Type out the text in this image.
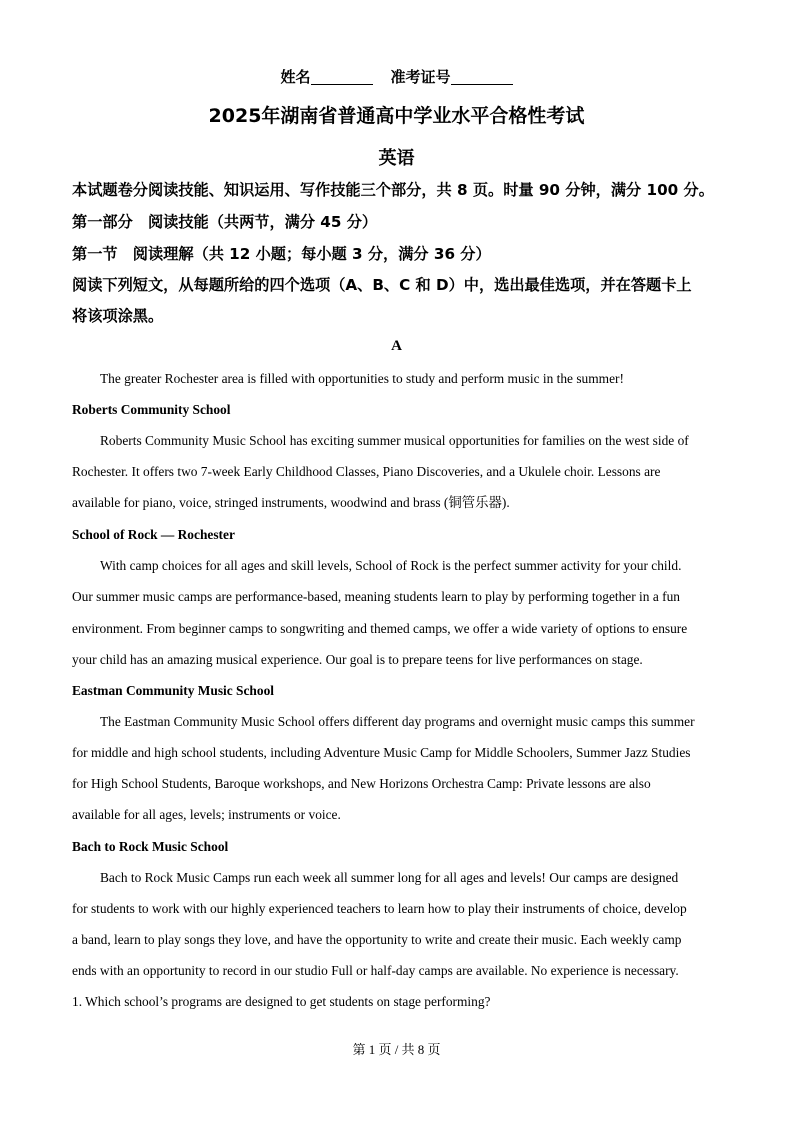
姓名	准考证号
2025年湖南省普通高中学业水平合格性考试
英语
本试题卷分阅读技能、知识运用、写作技能三个部分，共 8 页。时量 90 分钟，满分 100 分。
第一部分　阅读技能（共两节，满分 45 分）
第一节　阅读理解（共 12 小题；每小题 3 分，满分 36 分）
阅读下列短文，从每题所给的四个选项（A、B、C 和 D）中，选出最佳选项，并在答题卡上
将该项涂黑。
A
The greater Rochester area is filled with opportunities to study and perform music in the summer!
Roberts Community School
Roberts Community Music School has exciting summer musical opportunities for families on the west side of
Rochester. It offers two 7-week Early Childhood Classes, Piano Discoveries, and a Ukulele choir. Lessons are
available for piano, voice, stringed instruments, woodwind and brass (铜管乐器).
School of Rock — Rochester
With camp choices for all ages and skill levels, School of Rock is the perfect summer activity for your child.
Our summer music camps are performance-based, meaning students learn to play by performing together in a fun
environment. From beginner camps to songwriting and themed camps, we offer a wide variety of options to ensure
your child has an amazing musical experience. Our goal is to prepare teens for live performances on stage.
Eastman Community Music School
The Eastman Community Music School offers different day programs and overnight music camps this summer
for middle and high school students, including Adventure Music Camp for Middle Schoolers, Summer Jazz Studies
for High School Students, Baroque workshops, and New Horizons Orchestra Camp: Private lessons are also
available for all ages, levels; instruments or voice.
Bach to Rock Music School
Bach to Rock Music Camps run each week all summer long for all ages and levels! Our camps are designed
for students to work with our highly experienced teachers to learn how to play their instruments of choice, develop
a band, learn to play songs they love, and have the opportunity to write and create their music. Each weekly camp
ends with an opportunity to record in our studio Full or half-day camps are available. No experience is necessary.
1. Which school’s programs are designed to get students on stage performing?
第 1 页 / 共 8 页
